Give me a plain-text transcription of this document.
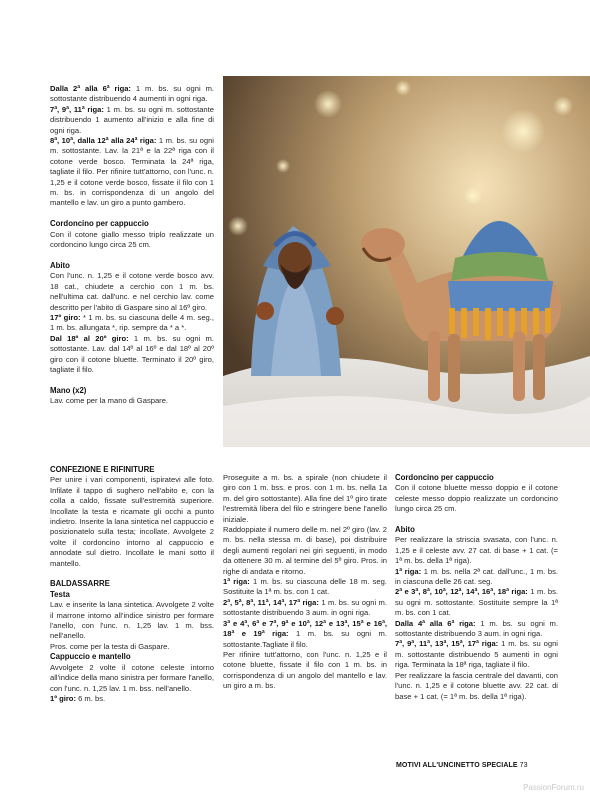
Dalla 2ª alla 6ª riga: 1 m. bs. su ogni m. sottostante distribuendo 4 aumenti in ogni riga.

7ª, 9ª, 11ª riga: 1 m. bs. su ogni m. sottostante distribuendo 1 aumento all'inizio e alla fine di ogni riga.

8ª, 10ª, dalla 12ª alla 24ª riga: 1 m. bs. su ogni m. sottostante. Lav. la 21ª e la 22ª riga con il cotone verde bosco. Terminata la 24ª riga, tagliate il filo. Per rifinire tutt'attorno, con l'unc. n. 1,25 e il cotone verde bosco, fissate il filo con 1 m. bs. in corrispondenza di un angolo del mantello e lav. un giro a punto gambero.

Cordoncino per cappuccio

Con il cotone giallo messo triplo realizzate un cordoncino lungo circa 25 cm.

Abito

Con l'unc. n. 1,25 e il cotone verde bosco avv. 18 cat., chiudete a cerchio con 1 m. bs. nell'ultima cat. dall'unc. e nel cerchio lav. come descritto per l'abito di Gaspare sino al 16º giro.

17º giro: * 1 m. bs. su ciascuna delle 4 m. seg., 1 m. bs. allungata *, rip. sempre da * a *.

Dal 18º al 20º giro: 1 m. bs. su ogni m. sottostante. Lav. dal 14º al 16º e dal 18º al 20º giro con il cotone bluette. Terminato il 20º giro, tagliate il filo.

Mano (x2)

Lav. come per la mano di Gaspare.

CONFEZIONE E RIFINITURE

Per unire i vari componenti, ispiratevi alle foto. Infilate il tappo di sughero nell'abito e, con la colla a caldo, fissate sull'estremità superiore. Incollate la testa e ricamate gli occhi a punto indietro. Inserite la lana sintetica nel cappuccio e posizionatelo sulla testa; incollate. Avvolgete 2 volte il cordoncino intorno al cappuccio e annodate sul dietro. Incollate le mani sotto il mantello.

BALDASSARRE
Testa

Lav. e inserite la lana sintetica. Avvolgete 2 volte il marrone intorno all'indice sinistro per formare l'anello, con l'unc. n. 1,25 lav. 1 m. bss. nell'anello.

Pros. come per la testa di Gaspare.

Cappuccio e mantello

Avvolgete 2 volte il cotone celeste intorno all'indice della mano sinistra per formare l'anello, con l'unc. n. 1,25 lav. 1 m. bss. nell'anello.

1º giro: 6 m. bs.

Proseguite a m. bs. a spirale (non chiudete il giro con 1 m. bss. e pros. con 1 m. bs. nella 1a m. del giro sottostante). Alla fine del 1º giro tirate l'estremità libera del filo e stringere bene l'anello iniziale.

Raddoppiate il numero delle m. nel 2º giro (lav. 2 m. bs. nella stessa m. di base), poi distribuire degli aumenti regolari nei giri seguenti, in modo da ottenere 30 m. al termine del 5º giro. Pros. in righe di andata e ritorno.

1ª riga: 1 m. bs. su ciascuna delle 18 m. seg. Sostituite la 1ª m. bs. con 1 cat.

2ª, 5ª, 8ª, 11ª, 14ª, 17ª riga: 1 m. bs. su ogni m. sottostante distribuendo 3 aum. in ogni riga.

3ª e 4ª, 6ª e 7ª, 9ª e 10ª, 12ª e 13ª, 15ª e 16ª, 18ª e 19ª riga: 1 m. bs. su ogni m. sottostante.Tagliate il filo.

Per rifinire tutt'attorno, con l'unc. n. 1,25 e il cotone bluette, fissate il filo con 1 m. bs. in corrispondenza di un angolo del mantello e lav. un giro a m. bs.

Cordoncino per cappuccio

Con il cotone bluette messo doppio e il cotone celeste messo doppio realizzate un cordoncino lungo circa 25 cm.

Abito

Per realizzare la striscia svasata, con l'unc. n. 1,25 e il celeste avv. 27 cat. di base + 1 cat. (= 1ª m. bs. della 1ª riga).

1ª riga: 1 m. bs. nella 2ª cat. dall'unc., 1 m. bs. in ciascuna delle 26 cat. seg.

2ª e 3ª, 8ª, 10ª, 12ª, 14ª, 16ª, 18ª riga: 1 m. bs. su ogni m. sottostante. Sostituite sempre la 1ª m. bs. con 1 cat.

Dalla 4ª alla 6ª riga: 1 m. bs. su ogni m. sottostante distribuendo 3 aum. in ogni riga.

7ª, 9ª, 11ª, 13ª, 15ª, 17ª riga: 1 m. bs. su ogni m. sottostante distribuendo 5 aumenti in ogni riga. Terminata la 18ª riga, tagliate il filo.

Per realizzare la fascia centrale del davanti, con l'unc. n. 1,25 e il cotone bluette avv. 22 cat. di base + 1 cat. (= 1ª m. bs. della 1ª riga).

MOTIVI ALL'UNCINETTO SPECIALE 73
PassionForum.ru
